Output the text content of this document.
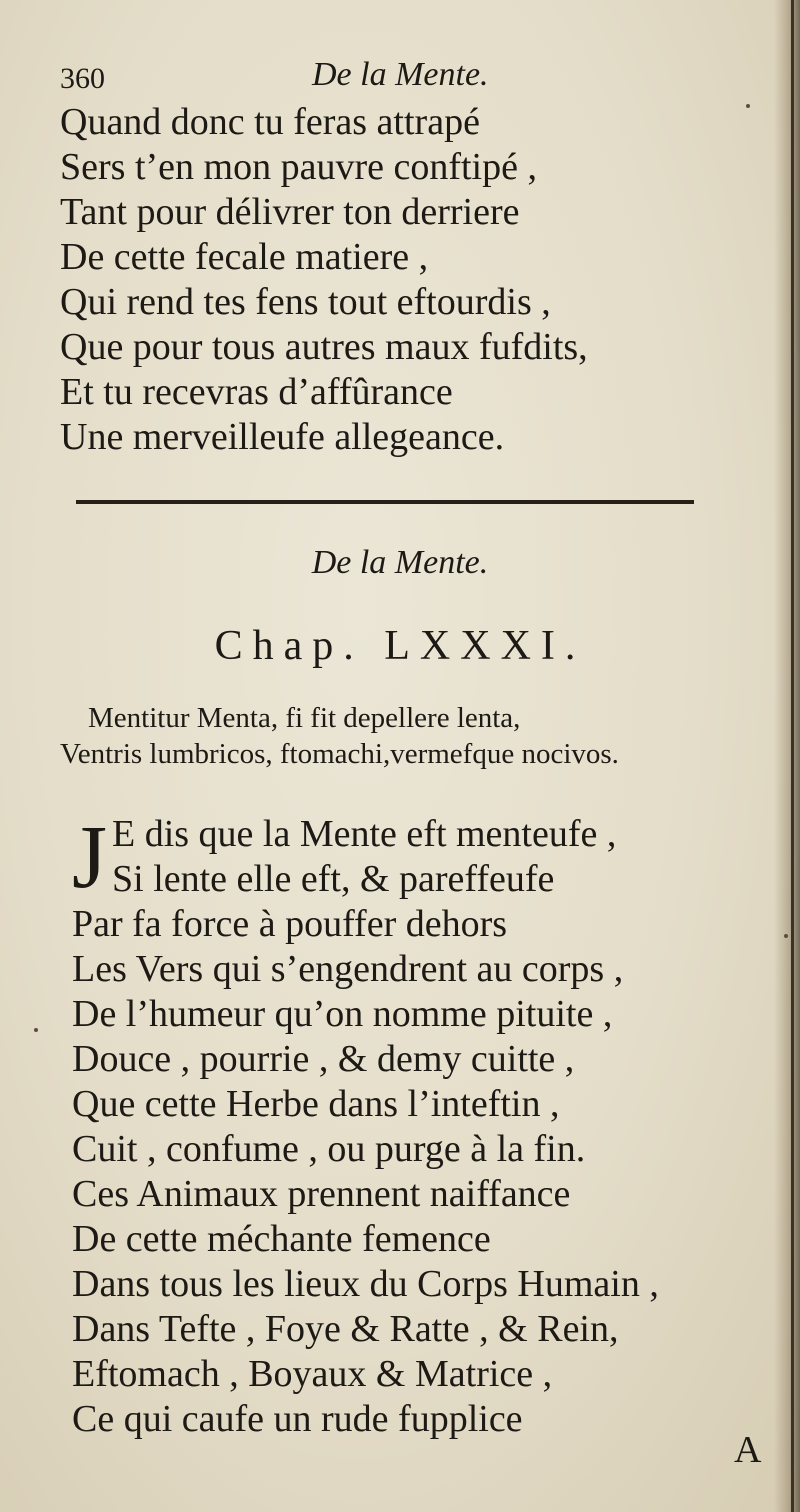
360	De la Mente.
Quand donc tu feras attrapé
Sers t’en mon pauvre conftipé ,
Tant pour délivrer ton derriere
De cette fecale matiere ,
Qui rend tes fens tout eftourdis ,
Que pour tous autres maux fufdits,
Et tu recevras d’affûrance
Une merveilleufe allegeance.
De la Mente.
Chap. LXXXI.
Mentitur Menta, fi fit depellere lenta,
Ventris lumbricos, ftomachi,vermefque nocivos.
J E dis que la Mente eft menteufe ,
Si lente elle eft, & pareffeufe
Par fa force à pouffer dehors
Les Vers qui s’engendrent au corps ,
De l’humeur qu’on nomme pituite ,
Douce , pourrie , & demy cuitte ,
Que cette Herbe dans l’inteftin ,
Cuit , confume , ou purge à la fin.
Ces Animaux prennent naiffance
De cette méchante femence
Dans tous les lieux du Corps Humain ,
Dans Tefte , Foye & Ratte , & Rein,
Eftomach , Boyaux & Matrice ,
Ce qui caufe un rude fupplice
A
